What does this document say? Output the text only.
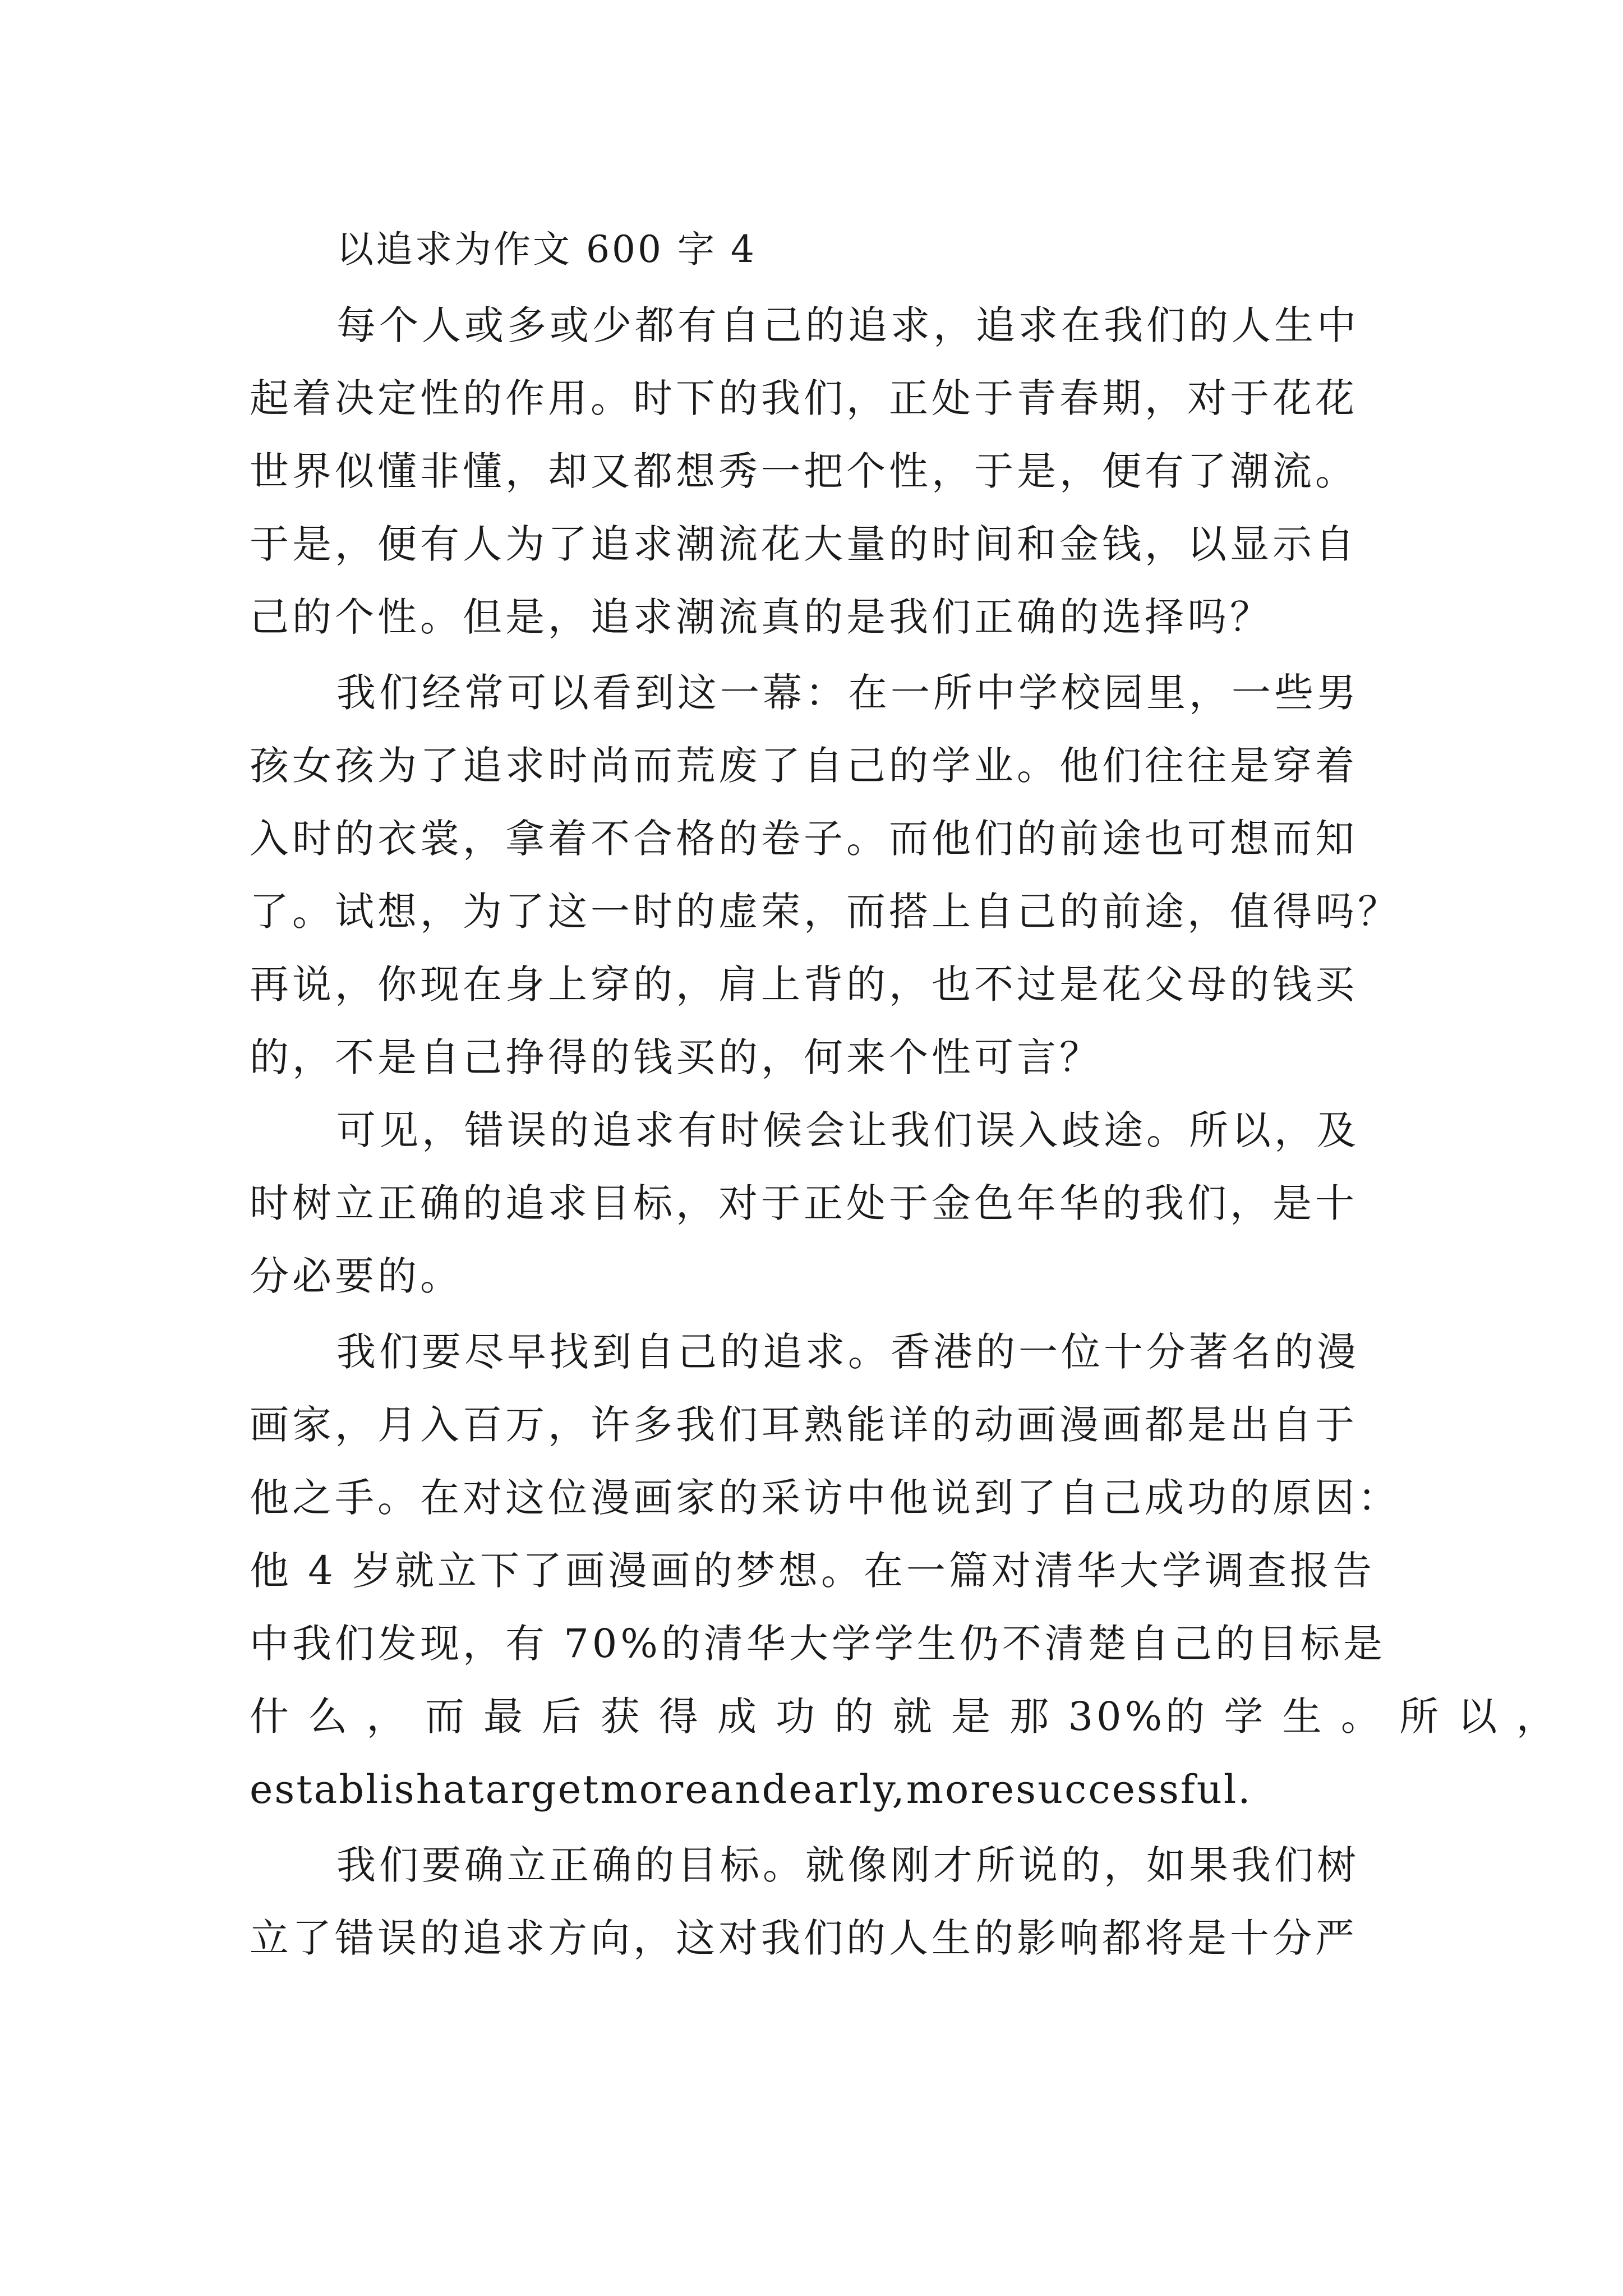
以追求为作文 600 字 4
每个人或多或少都有自己的追求，追求在我们的人生中
起着决定性的作用。时下的我们，正处于青春期，对于花花
世界似懂非懂，却又都想秀一把个性，于是，便有了潮流。
于是，便有人为了追求潮流花大量的时间和金钱，以显示自
己的个性。但是，追求潮流真的是我们正确的选择吗？
我们经常可以看到这一幕：在一所中学校园里，一些男
孩女孩为了追求时尚而荒废了自己的学业。他们往往是穿着
入时的衣裳，拿着不合格的卷子。而他们的前途也可想而知
了。试想，为了这一时的虚荣，而搭上自己的前途，值得吗？
再说，你现在身上穿的，肩上背的，也不过是花父母的钱买
的，不是自己挣得的钱买的，何来个性可言？
可见，错误的追求有时候会让我们误入歧途。所以，及
时树立正确的追求目标，对于正处于金色年华的我们，是十
分必要的。
我们要尽早找到自己的追求。香港的一位十分著名的漫
画家，月入百万，许多我们耳熟能详的动画漫画都是出自于
他之手。在对这位漫画家的采访中他说到了自己成功的原因：
他 4 岁就立下了画漫画的梦想。在一篇对清华大学调查报告
中我们发现，有 70%的清华大学学生仍不清楚自己的目标是
什 么 ， 而 最 后 获 得 成 功 的 就 是 那 30%的 学 生 。 所 以 ，
establishatargetmoreandearly,moresuccessful.
我们要确立正确的目标。就像刚才所说的，如果我们树
立了错误的追求方向，这对我们的人生的影响都将是十分严
